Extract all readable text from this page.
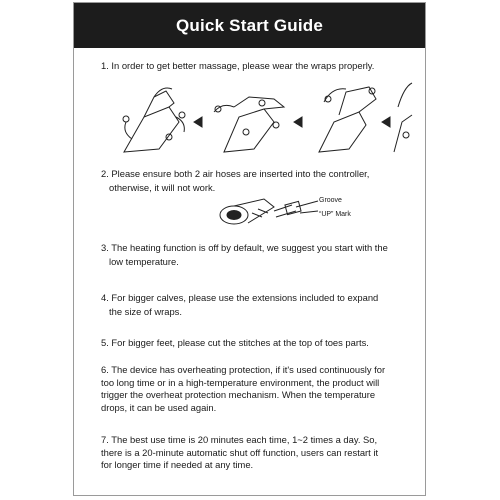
Quick Start Guide
1. In order to get better massage, please wear the wraps properly.
2. Please ensure both 2 air hoses are inserted into the controller,
otherwise, it will not work.
Groove
“UP” Mark
3. The heating function is off by default, we suggest you start with the
low temperature.
4. For bigger calves, please use the extensions included to expand
the size of wraps.
5. For bigger feet, please cut the stitches at the top of toes parts.
6. The device has overheating protection, if it's used continuously for
too long time or in a high-temperature environment, the product will
trigger the overheat protection mechanism. When the temperature
drops, it can be used again.
7. The best use time is 20 minutes each time, 1~2 times a day. So,
there is a 20-minute automatic shut off function, users can restart it
for longer time if needed at any time.
